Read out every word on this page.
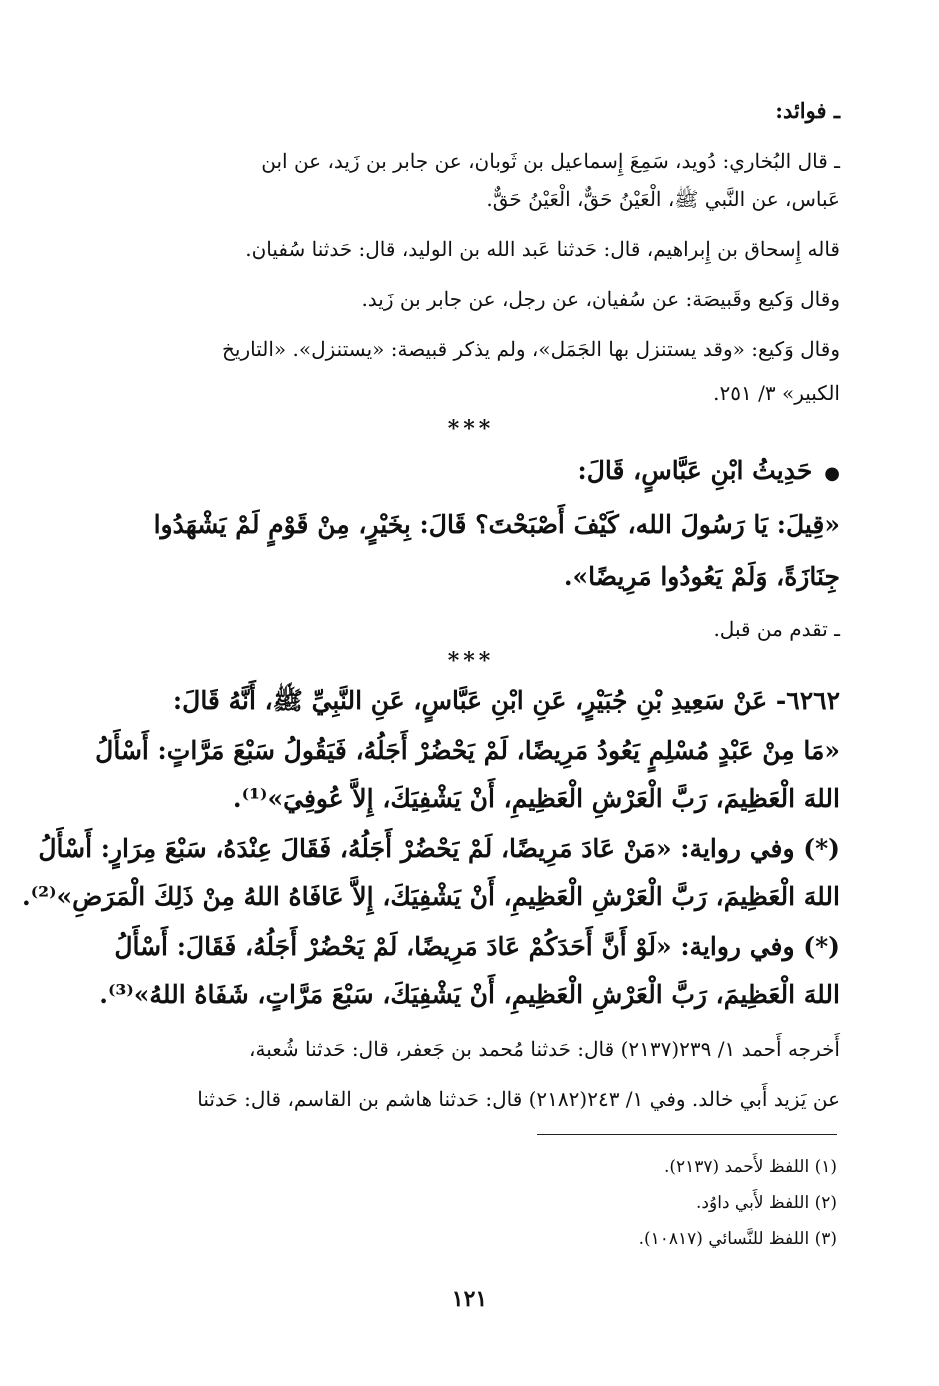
ـ فوائد:
ـ قال البُخاري: دُويد، سَمِعَ إِسماعيل بن ثَوبان، عن جابر بن زَيد، عن ابن
عَباس، عن النَّبي ﷺ، الْعَيْنُ حَقٌّ، الْعَيْنُ حَقٌّ.
قاله إِسحاق بن إِبراهيم، قال: حَدثنا عَبد الله بن الوليد، قال: حَدثنا سُفيان.
وقال وَكيع وقَبيصَة: عن سُفيان، عن رجل، عن جابر بن زَيد.
وقال وَكيع: «وقد يستنزل بها الجَمَل»، ولم يذكر قبيصة: «يستنزل». «التاريخ
الكبير» ٣/ ٢٥١.
***
●حَدِيثُ ابْنِ عَبَّاسٍ، قَالَ:
«قِيلَ: يَا رَسُولَ الله، كَيْفَ أَصْبَحْتَ؟ قَالَ: بِخَيْرٍ، مِنْ قَوْمٍ لَمْ يَشْهَدُوا
جِنَازَةً، وَلَمْ يَعُودُوا مَرِيضًا».
ـ تقدم من قبل.
***
٦٢٦٢- عَنْ سَعِيدِ بْنِ جُبَيْرٍ، عَنِ ابْنِ عَبَّاسٍ، عَنِ النَّبِيِّ ﷺ، أَنَّهُ قَالَ:
«مَا مِنْ عَبْدٍ مُسْلِمٍ يَعُودُ مَرِيضًا، لَمْ يَحْضُرْ أَجَلُهُ، فَيَقُولُ سَبْعَ مَرَّاتٍ: أَسْأَلُ
اللهَ الْعَظِيمَ، رَبَّ الْعَرْشِ الْعَظِيمِ، أَنْ يَشْفِيَكَ، إِلاَّ عُوفِيَ»⁽¹⁾.
(*) وفي رواية: «مَنْ عَادَ مَرِيضًا، لَمْ يَحْضُرْ أَجَلُهُ، فَقَالَ عِنْدَهُ، سَبْعَ مِرَارٍ: أَسْأَلُ
اللهَ الْعَظِيمَ، رَبَّ الْعَرْشِ الْعَظِيمِ، أَنْ يَشْفِيَكَ، إِلاَّ عَافَاهُ اللهُ مِنْ ذَلِكَ الْمَرَضِ»⁽²⁾.
(*) وفي رواية: «لَوْ أَنَّ أَحَدَكُمْ عَادَ مَرِيضًا، لَمْ يَحْضُرْ أَجَلُهُ، فَقَالَ: أَسْأَلُ
اللهَ الْعَظِيمَ، رَبَّ الْعَرْشِ الْعَظِيمِ، أَنْ يَشْفِيَكَ، سَبْعَ مَرَّاتٍ، شَفَاهُ اللهُ»⁽³⁾.
أَخرجه أَحمد ١/ ٢٣٩(٢١٣٧) قال: حَدثنا مُحمد بن جَعفر، قال: حَدثنا شُعبة،
عن يَزيد أَبي خالد. وفي ١/ ٢٤٣(٢١٨٢) قال: حَدثنا هاشم بن القاسم، قال: حَدثنا
(١) اللفظ لأَحمد (٢١٣٧).
(٢) اللفظ لأَبي داوُد.
(٣) اللفظ للنَّسائي (١٠٨١٧).
١٢١
